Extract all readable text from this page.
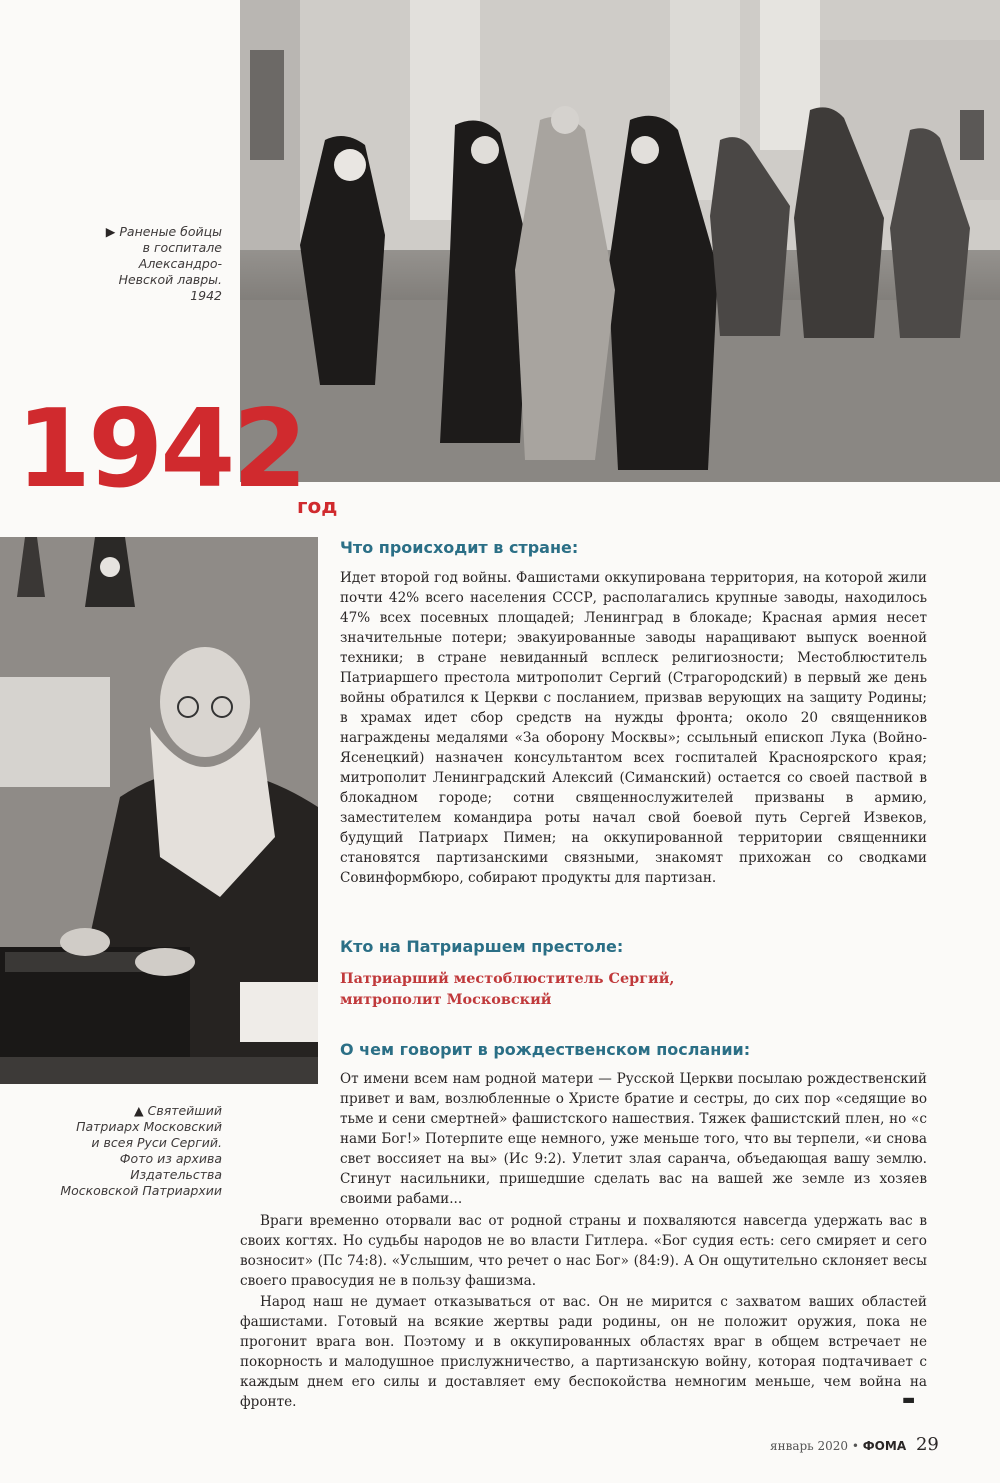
▶ Раненые бойцы
в госпитале
Александро-
Невской лавры.
1942
1942
год
▲ Святейший
Патриарх Московский
и всея Руси Сергий.
Фото из архива
Издательства
Московской Патриархии
Что происходит в стране:
Идет второй год войны. Фашистами оккупирована территория, на которой жили почти 42% всего населения СССР, располагались крупные заводы, находилось 47% всех посевных площадей; Ленинград в блокаде; Красная армия несет значительные потери; эвакуированные заводы наращивают выпуск военной техники; в стране невиданный всплеск религиозности; Местоблюститель Патриаршего престола митрополит Сергий (Страгородский) в первый же день войны обратился к Церкви с посланием, призвав верующих на защиту Родины; в храмах идет сбор средств на нужды фронта; около 20 священников награждены медалями «За оборону Москвы»; ссыльный епископ Лука (Войно-Ясенецкий) назначен консультантом всех госпиталей Красноярского края; митрополит Ленинградский Алексий (Симанский) остается со своей паствой в блокадном городе; сотни священнослужителей призваны в армию, заместителем командира роты начал свой боевой путь Сергей Извеков, будущий Патриарх Пимен; на оккупированной территории священники становятся партизанскими связными, знакомят прихожан со сводками Совинформбюро, собирают продукты для партизан.
Кто на Патриаршем престоле:
Патриарший местоблюститель Сергий,
митрополит Московский
О чем говорит в рождественском послании:
От имени всем нам родной матери — Русской Церкви посылаю рождественский привет и вам, возлюбленные о Христе братие и сестры, до сих пор «седящие во тьме и сени смертней» фашистского нашествия. Тяжек фашистский плен, но «с нами Бог!» Потерпите еще немного, уже меньше того, что вы терпели, «и снова свет воссияет на вы» (Ис 9:2). Улетит злая саранча, объедающая вашу землю. Сгинут насильники, пришедшие сделать вас на вашей же земле из хозяев своими рабами...
Враги временно оторвали вас от родной страны и похваляются навсегда удержать вас в своих когтях. Но судьбы народов не во власти Гитлера. «Бог судия есть: сего смиряет и сего возносит» (Пс 74:8). «Услышим, что речет о нас Бог» (84:9). А Он ощутительно склоняет весы своего правосудия не в пользу фашизма.
Народ наш не думает отказываться от вас. Он не мирится с захватом ваших областей фашистами. Готовый на всякие жертвы ради родины, он не положит оружия, пока не прогонит врага вон. Поэтому и в оккупированных областях враг в общем встречает не покорность и малодушное прислужничество, а партизанскую войну, которая подтачивает с каждым днем его силы и доставляет ему беспокойства немногим меньше, чем война на фронте.	▬
январь 2020 • ФОМА 29
